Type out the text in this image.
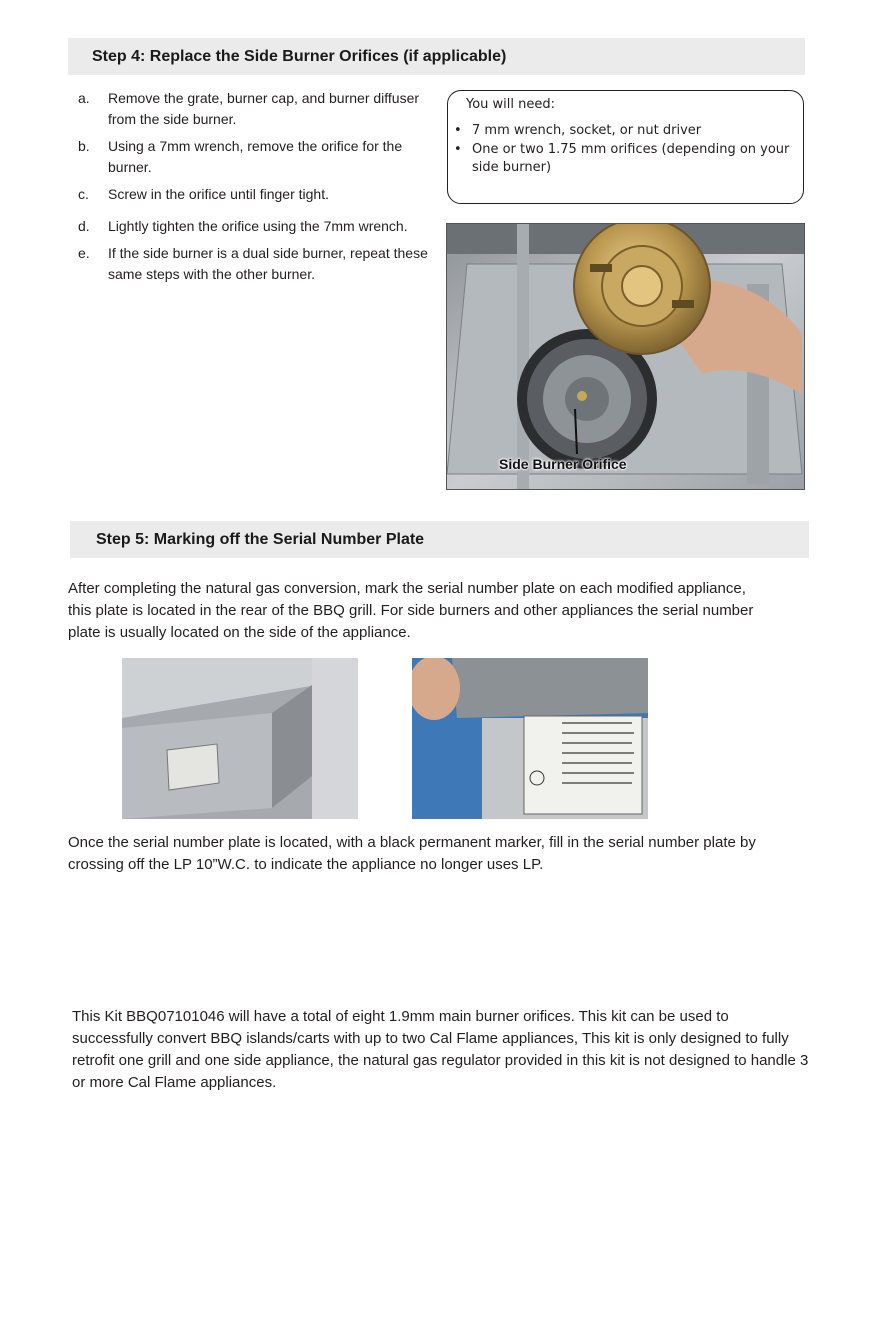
Step 4: Replace the Side Burner Orifices (if applicable)
a. Remove the grate, burner cap, and burner diffuser from the side burner.
b. Using a 7mm wrench, remove the orifice for the burner.
c. Screw in the orifice until finger tight.
d. Lightly tighten the orifice using the 7mm wrench.
e. If the side burner is a dual side burner, repeat these same steps with the other burner.
You will need:
• 7 mm wrench, socket, or nut driver
• One or two 1.75 mm orifices (depending on your side burner)
Side Burner Orifice
Step 5: Marking off the Serial Number Plate

After completing the natural gas conversion, mark the serial number plate on each modified appliance, this plate is located in the rear of the BBQ grill. For side burners and other appliances the serial number plate is usually located on the side of the appliance.

Once the serial number plate is located, with a black permanent marker, fill in the serial number plate by crossing off the LP 10”W.C. to indicate the appliance no longer uses LP.

This Kit BBQ07101046 will have a total of eight 1.9mm main burner orifices. This kit can be used to successfully convert BBQ islands/carts with up to two Cal Flame appliances, This kit is only designed to fully retrofit one grill and one side appliance, the natural gas regulator provided in this kit is not designed to handle 3 or more Cal Flame appliances.
